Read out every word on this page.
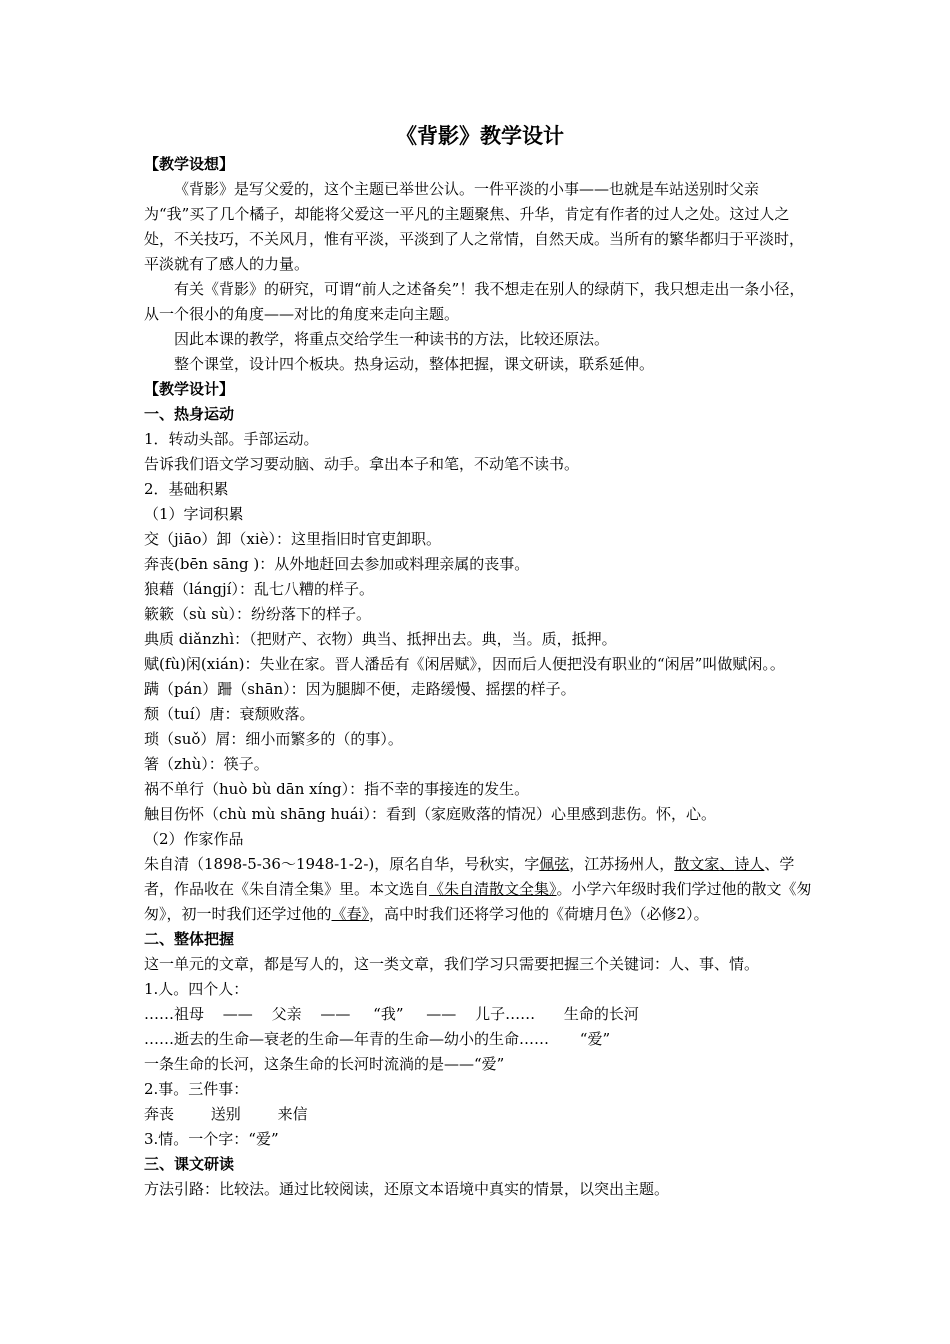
《背影》教学设计
【教学设想】
《背影》是写父爱的，这个主题已举世公认。一件平淡的小事——也就是车站送别时父亲为“我”买了几个橘子，却能将父爱这一平凡的主题聚焦、升华，肯定有作者的过人之处。这过人之处，不关技巧，不关风月，惟有平淡，平淡到了人之常情，自然天成。当所有的繁华都归于平淡时，平淡就有了感人的力量。
有关《背影》的研究，可谓“前人之述备矣”！我不想走在别人的绿荫下，我只想走出一条小径，从一个很小的角度——对比的角度来走向主题。
因此本课的教学，将重点交给学生一种读书的方法，比较还原法。
整个课堂，设计四个板块。热身运动，整体把握，课文研读，联系延伸。
【教学设计】
一、热身运动
1．转动头部。手部运动。
告诉我们语文学习要动脑、动手。拿出本子和笔，不动笔不读书。
2．基础积累
（1）字词积累
交（jiāo）卸（xiè）：这里指旧时官吏卸职。
奔丧(bēn sāng )：从外地赶回去参加或料理亲属的丧事。
狼藉（lángjí）：乱七八糟的样子。
簌簌（sù sù）：纷纷落下的样子。
典质 diǎnzhì：（把财产、衣物）典当、抵押出去。典，当。质，抵押。
赋(fù)闲(xián)：失业在家。晋人潘岳有《闲居赋》，因而后人便把没有职业的“闲居”叫做赋闲。。
蹒（pán）跚（shān）：因为腿脚不便，走路缓慢、摇摆的样子。
颓（tuí）唐：衰颓败落。
琐（suǒ）屑：细小而繁多的（的事）。
箸（zhù）：筷子。
祸不单行（huò bù dān xíng）：指不幸的事接连的发生。
触目伤怀（chù mù shāng huái）：看到（家庭败落的情况）心里感到悲伤。怀，心。
（2）作家作品
朱自清（1898-5-36～1948-1-2-)，原名自华，号秋实，字佩弦，江苏扬州人，散文家、诗人、学者，作品收在《朱自清全集》里。本文选自《朱自清散文全集》。小学六年级时我们学过他的散文《匆匆》，初一时我们还学过他的《春》，高中时我们还将学习他的《荷塘月色》（必修2）。
二、整体把握
这一单元的文章，都是写人的，这一类文章，我们学习只需要把握三个关键词：人、事、情。
1.人。四个人：
……祖母 —— 父亲 —— “我” —— 儿子…… 生命的长河
……逝去的生命—衰老的生命—年青的生命—幼小的生命…… “爱”
一条生命的长河，这条生命的长河时流淌的是——“爱”
2.事。三件事：
奔丧 送别 来信
3.情。一个字：“爱”
三、课文研读
方法引路：比较法。通过比较阅读，还原文本语境中真实的情景，以突出主题。
